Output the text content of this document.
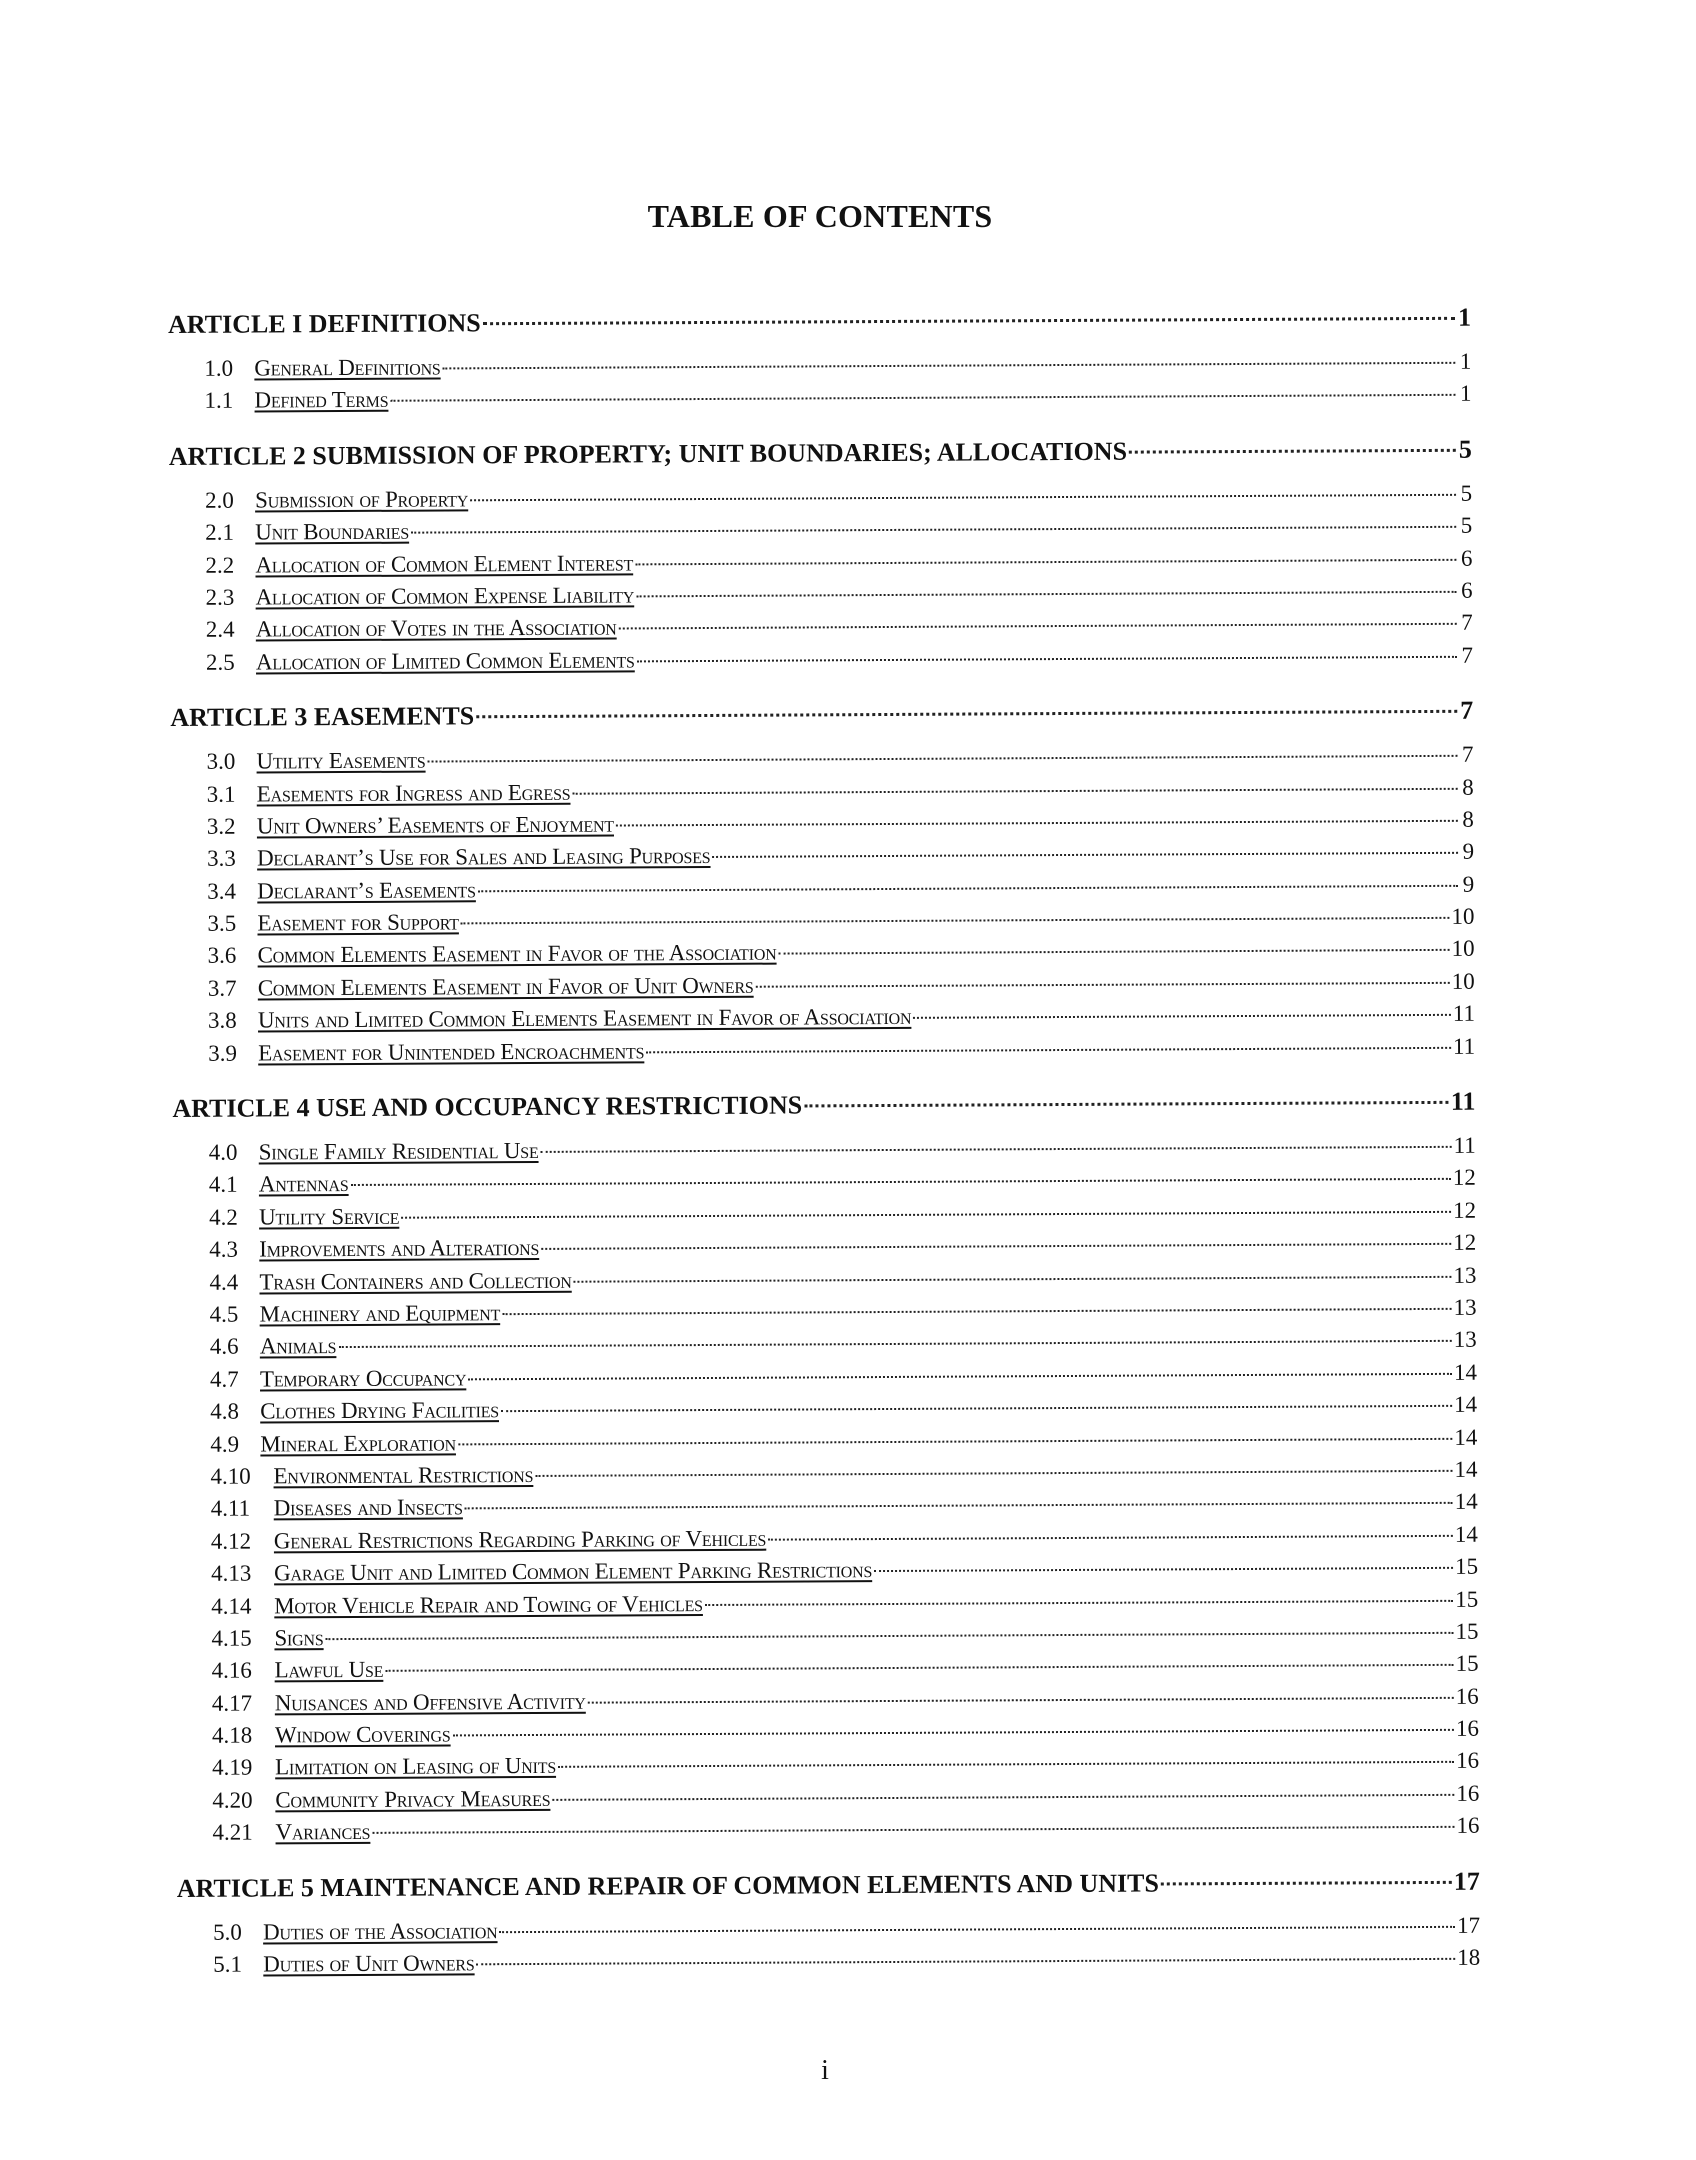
TABLE OF CONTENTS
ARTICLE I DEFINITIONS	1
1.0 General Definitions	1
1.1 Defined Terms	1
ARTICLE 2 SUBMISSION OF PROPERTY; UNIT BOUNDARIES; ALLOCATIONS	5
2.0 Submission of Property	5
2.1 Unit Boundaries	5
2.2 Allocation of Common Element Interest	6
2.3 Allocation of Common Expense Liability	6
2.4 Allocation of Votes in the Association	7
2.5 Allocation of Limited Common Elements	7
ARTICLE 3 EASEMENTS	7
3.0 Utility Easements	7
3.1 Easements for Ingress and Egress	8
3.2 Unit Owners’ Easements of Enjoyment	8
3.3 Declarant’s Use for Sales and Leasing Purposes	9
3.4 Declarant’s Easements	9
3.5 Easement for Support	10
3.6 Common Elements Easement in Favor of the Association	10
3.7 Common Elements Easement in Favor of Unit Owners	10
3.8 Units and Limited Common Elements Easement in Favor of Association	11
3.9 Easement for Unintended Encroachments	11
ARTICLE 4 USE AND OCCUPANCY RESTRICTIONS	11
4.0 Single Family Residential Use	11
4.1 Antennas	12
4.2 Utility Service	12
4.3 Improvements and Alterations	12
4.4 Trash Containers and Collection	13
4.5 Machinery and Equipment	13
4.6 Animals	13
4.7 Temporary Occupancy	14
4.8 Clothes Drying Facilities	14
4.9 Mineral Exploration	14
4.10 Environmental Restrictions	14
4.11	Diseases and Insects	14
4.12 General Restrictions Regarding Parking of Vehicles	14
4.13 Garage Unit and Limited Common Element Parking Restrictions	15
4.14 Motor Vehicle Repair and Towing of Vehicles	15
4.15 Signs	15
4.16 Lawful Use	15
4.17 Nuisances and Offensive Activity	16
4.18 Window Coverings	16
4.19 Limitation on Leasing of Units	16
4.20 Community Privacy Measures	16
4.21 Variances	16
ARTICLE 5 MAINTENANCE AND REPAIR OF COMMON ELEMENTS AND UNITS	17
5.0 Duties of the Association	17
5.1 Duties of Unit Owners	18
i
